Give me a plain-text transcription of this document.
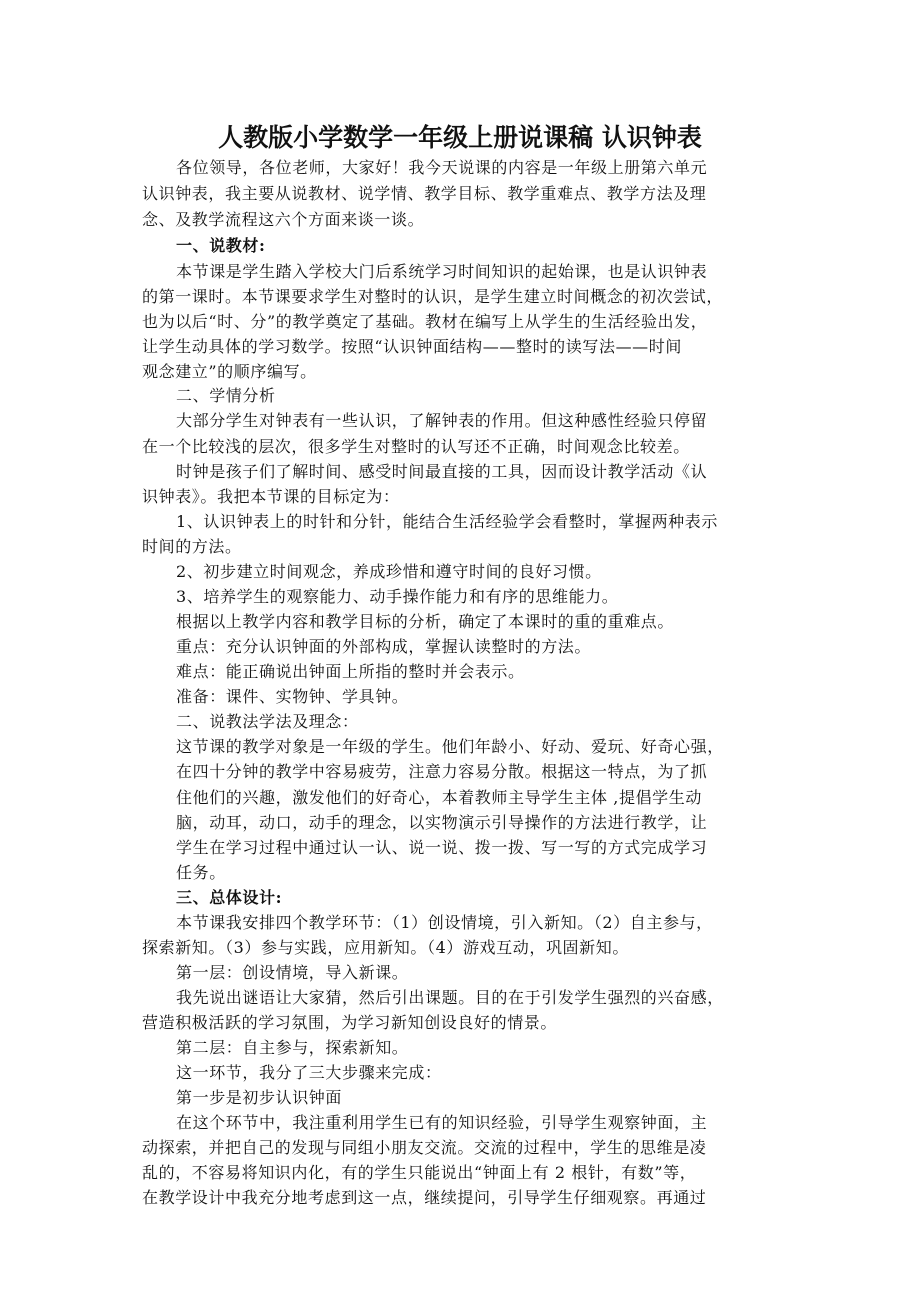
人教版小学数学一年级上册说课稿 认识钟表
各位领导，各位老师，大家好！我今天说课的内容是一年级上册第六单元
认识钟表，我主要从说教材、说学情、教学目标、教学重难点、教学方法及理
念、及教学流程这六个方面来谈一谈。
一、说教材:
本节课是学生踏入学校大门后系统学习时间知识的起始课，也是认识钟表
的第一课时。本节课要求学生对整时的认识，是学生建立时间概念的初次尝试，
也为以后“时、分”的教学奠定了基础。教材在编写上从学生的生活经验出发，
让学生动具体的学习数学。按照“认识钟面结构——整时的读写法——时间
观念建立”的顺序编写。
二、学情分析
大部分学生对钟表有一些认识，了解钟表的作用。但这种感性经验只停留
在一个比较浅的层次，很多学生对整时的认写还不正确，时间观念比较差。
时钟是孩子们了解时间、感受时间最直接的工具，因而设计教学活动《认
识钟表》。我把本节课的目标定为：
1、认识钟表上的时针和分针，能结合生活经验学会看整时，掌握两种表示
时间的方法。
2、初步建立时间观念，养成珍惜和遵守时间的良好习惯。
3、培养学生的观察能力、动手操作能力和有序的思维能力。
根据以上教学内容和教学目标的分析，确定了本课时的重的重难点。
重点：充分认识钟面的外部构成，掌握认读整时的方法。
难点：能正确说出钟面上所指的整时并会表示。
准备：课件、实物钟、学具钟。
二、说教法学法及理念：
这节课的教学对象是一年级的学生。他们年龄小、好动、爱玩、好奇心强，
在四十分钟的教学中容易疲劳，注意力容易分散。根据这一特点，为了抓
住他们的兴趣，激发他们的好奇心，本着教师主导学生主体 ,提倡学生动
脑，动耳，动口，动手的理念，以实物演示引导操作的方法进行教学，让
学生在学习过程中通过认一认、说一说、拨一拨、写一写的方式完成学习
任务。
三、总体设计:
本节课我安排四个教学环节：（1）创设情境，引入新知。（2）自主参与，
探索新知。（3）参与实践，应用新知。（4）游戏互动，巩固新知。
第一层：创设情境，导入新课。
我先说出谜语让大家猜，然后引出课题。目的在于引发学生强烈的兴奋感，
营造积极活跃的学习氛围，为学习新知创设良好的情景。
第二层：自主参与，探索新知。
这一环节，我分了三大步骤来完成：
第一步是初步认识钟面
在这个环节中，我注重利用学生已有的知识经验，引导学生观察钟面，主
动探索，并把自己的发现与同组小朋友交流。交流的过程中，学生的思维是凌
乱的，不容易将知识内化，有的学生只能说出“钟面上有 2 根针，有数”等，
在教学设计中我充分地考虑到这一点，继续提问，引导学生仔细观察。再通过
